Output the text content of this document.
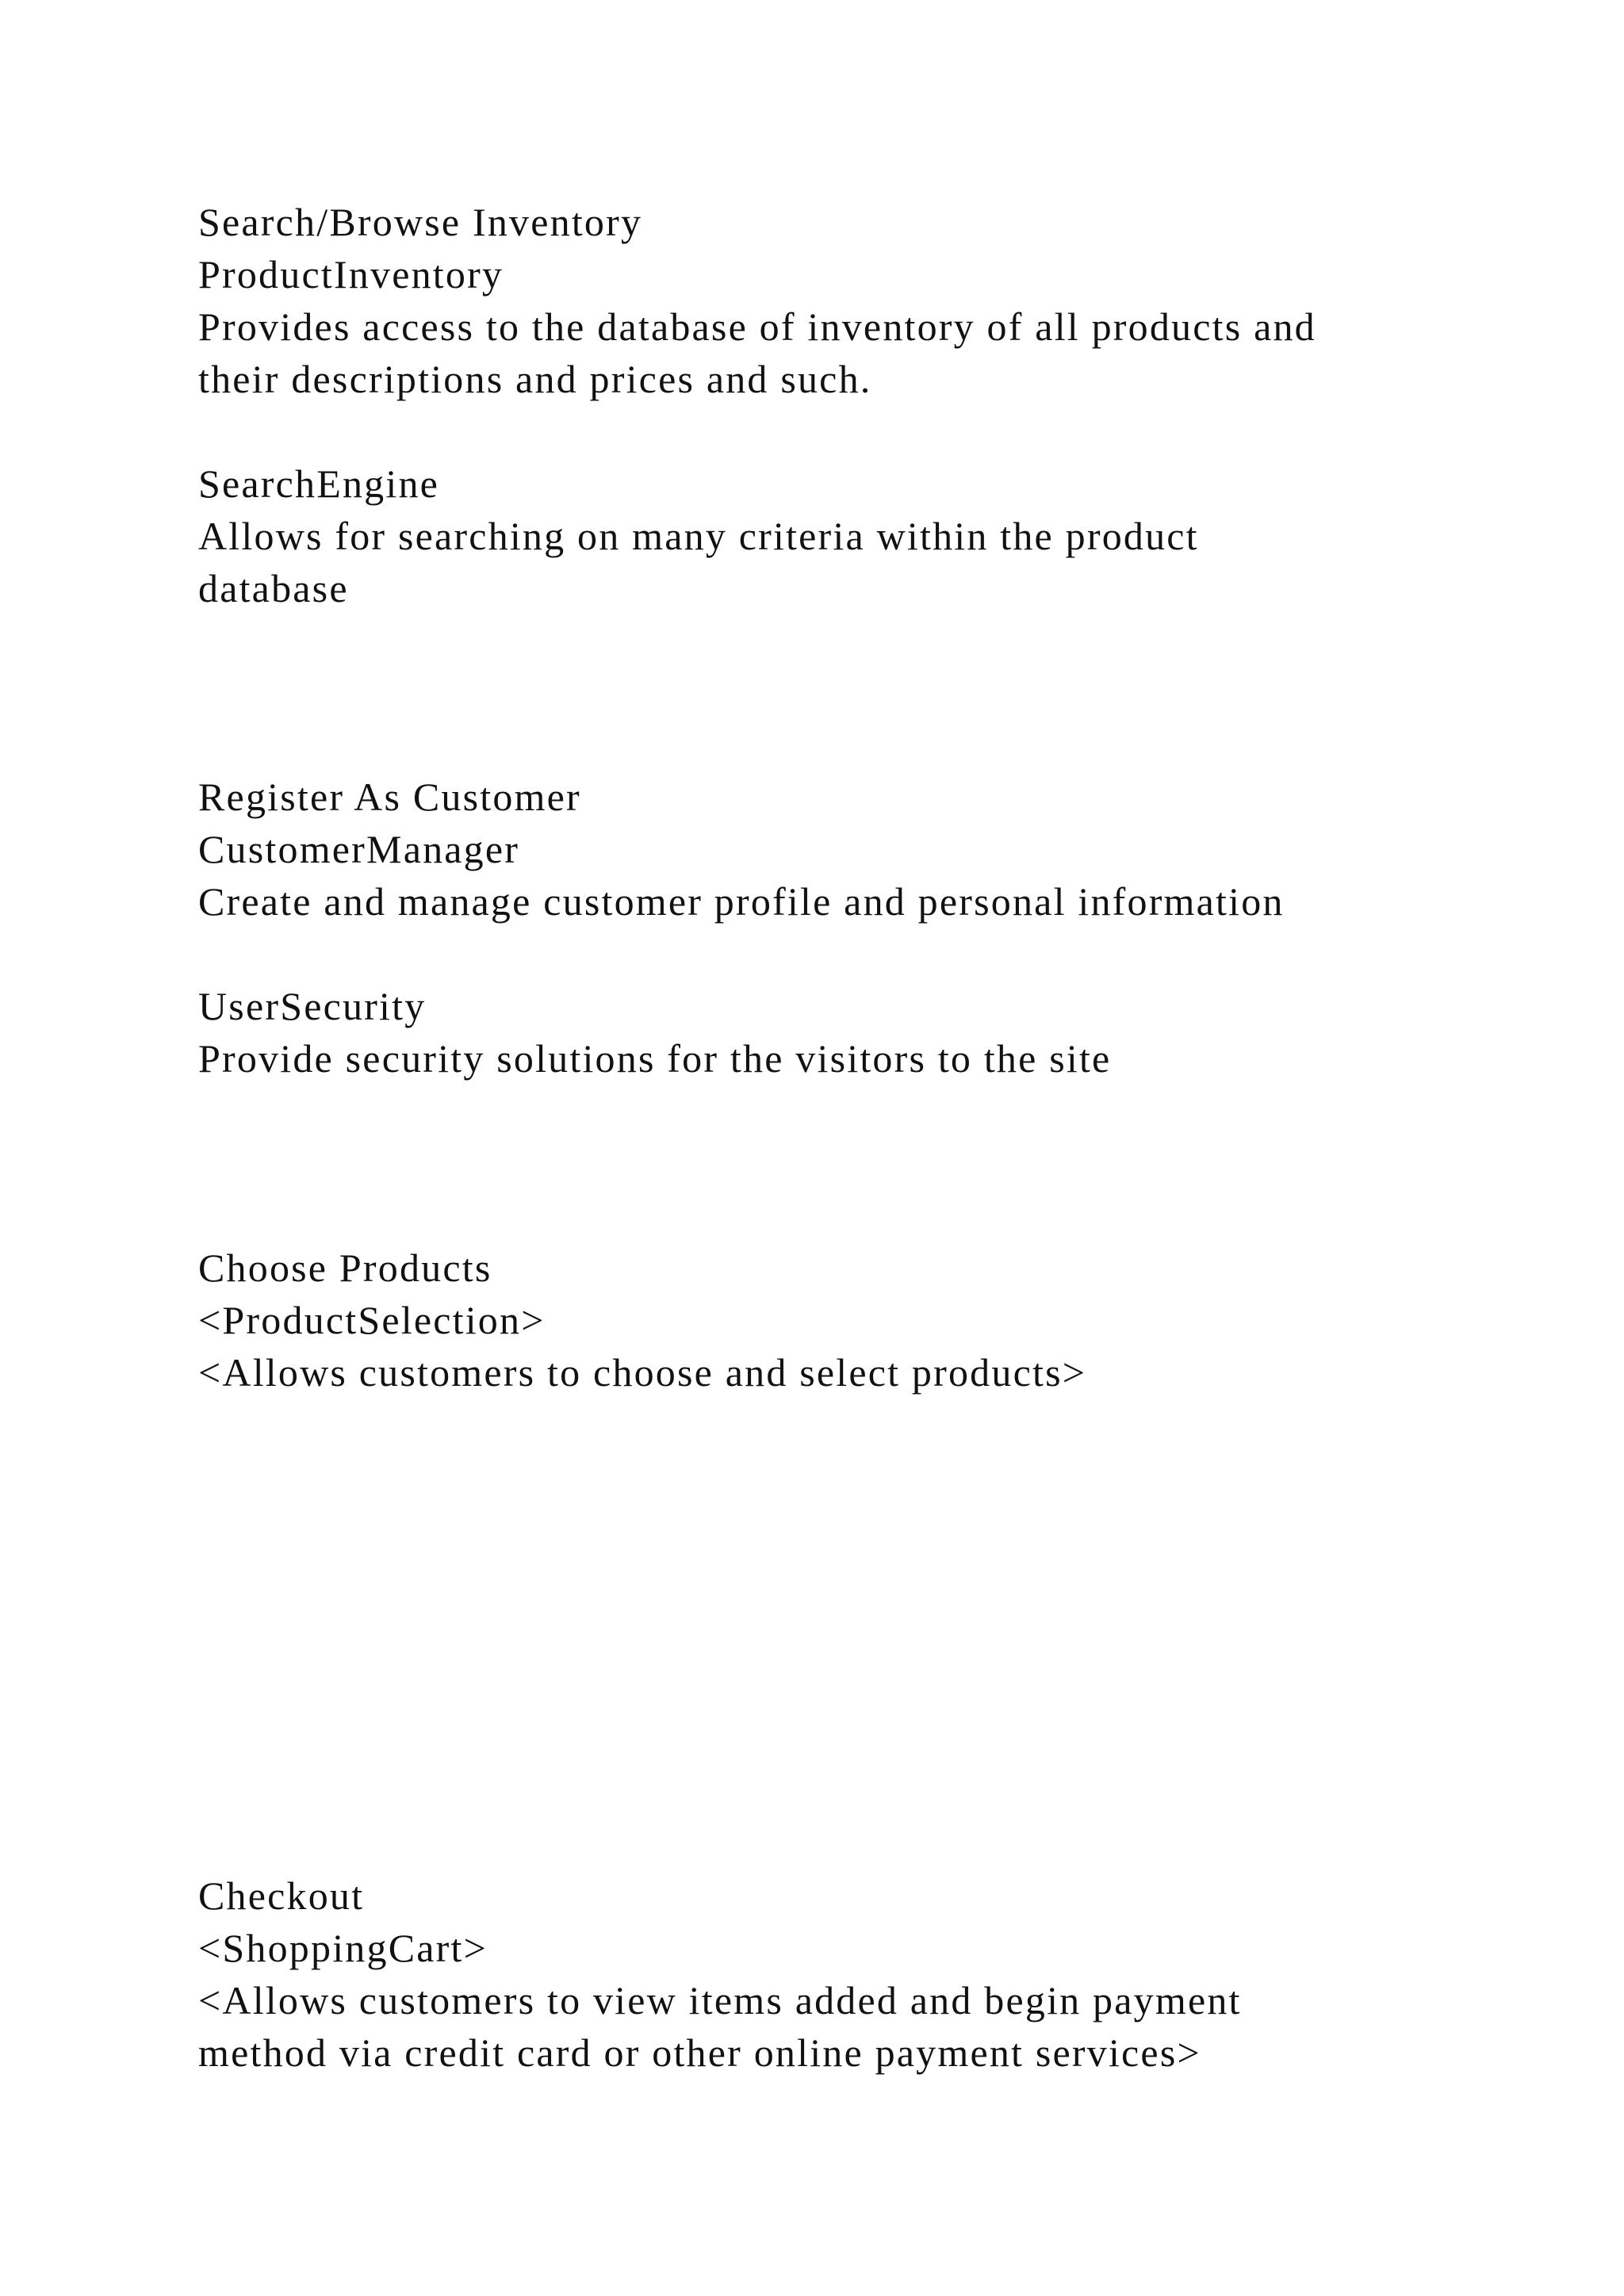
Search/Browse Inventory

ProductInventory

Provides access to the database of inventory of all products and

their descriptions and prices and such.

SearchEngine

Allows for searching on many criteria within the product

database

Register As Customer

CustomerManager

Create and manage customer profile and personal information

UserSecurity

Provide security solutions for the visitors to the site

Choose Products

<ProductSelection>

<Allows customers to choose and select products>

Checkout

<ShoppingCart>

<Allows customers to view items added and begin payment

method via credit card or other online payment services>
